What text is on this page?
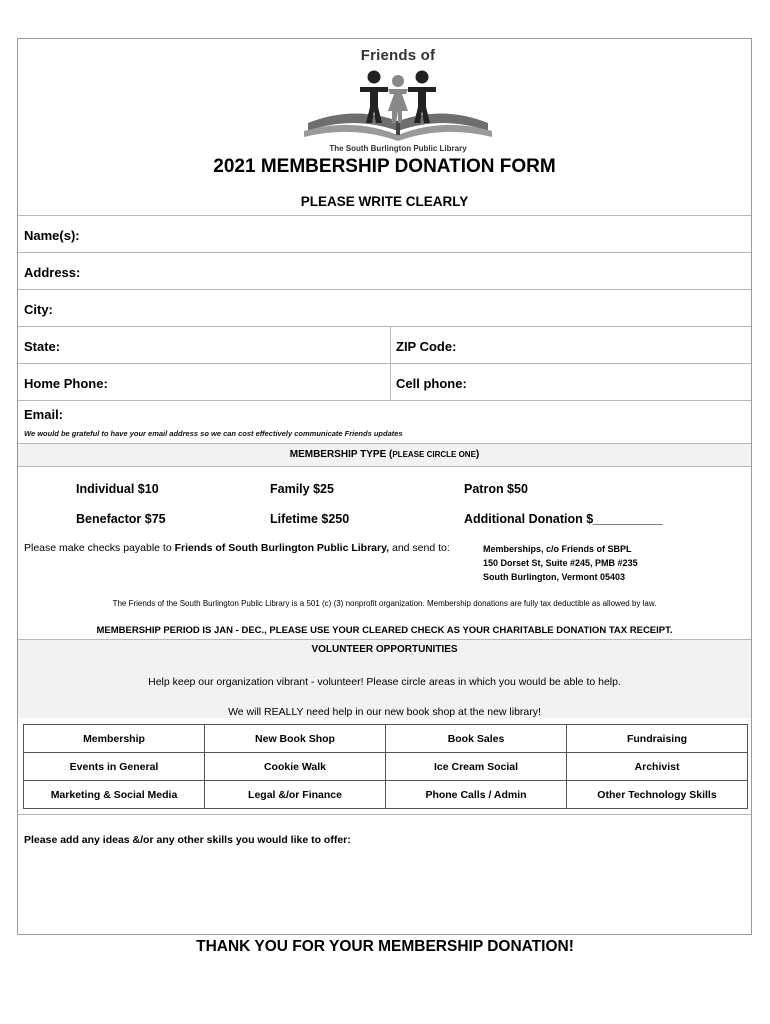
Friends of
The South Burlington Public Library
2021 MEMBERSHIP DONATION FORM
PLEASE WRITE CLEARLY
Name(s):
Address:
City:
State:	ZIP Code:
Home Phone:	Cell phone:
Email:
We would be grateful to have your email address so we can cost effectively communicate Friends updates
MEMBERSHIP TYPE (PLEASE CIRCLE ONE)
Individual $10	Family $25	Patron $50
Benefactor $75	Lifetime $250	Additional Donation $__________
Please make checks payable to Friends of South Burlington Public Library, and send to:	Memberships, c/o Friends of SBPL
150 Dorset St, Suite #245, PMB #235
South Burlington, Vermont 05403
The Friends of the South Burlington Public Library is a 501 (c) (3) nonprofit organization. Membership donations are fully tax deductible as allowed by law.
MEMBERSHIP PERIOD IS JAN - DEC., PLEASE USE YOUR CLEARED CHECK AS YOUR CHARITABLE DONATION TAX RECEIPT.
VOLUNTEER OPPORTUNITIES
Help keep our organization vibrant - volunteer! Please circle areas in which you would be able to help.
We will REALLY need help in our new book shop at the new library!
Membership	New Book Shop	Book Sales	Fundraising
Events in General	Cookie Walk	Ice Cream Social	Archivist
Marketing & Social Media	Legal &/or Finance	Phone Calls / Admin	Other Technology Skills
Please add any ideas &/or any other skills you would like to offer:
THANK YOU FOR YOUR MEMBERSHIP DONATION!
